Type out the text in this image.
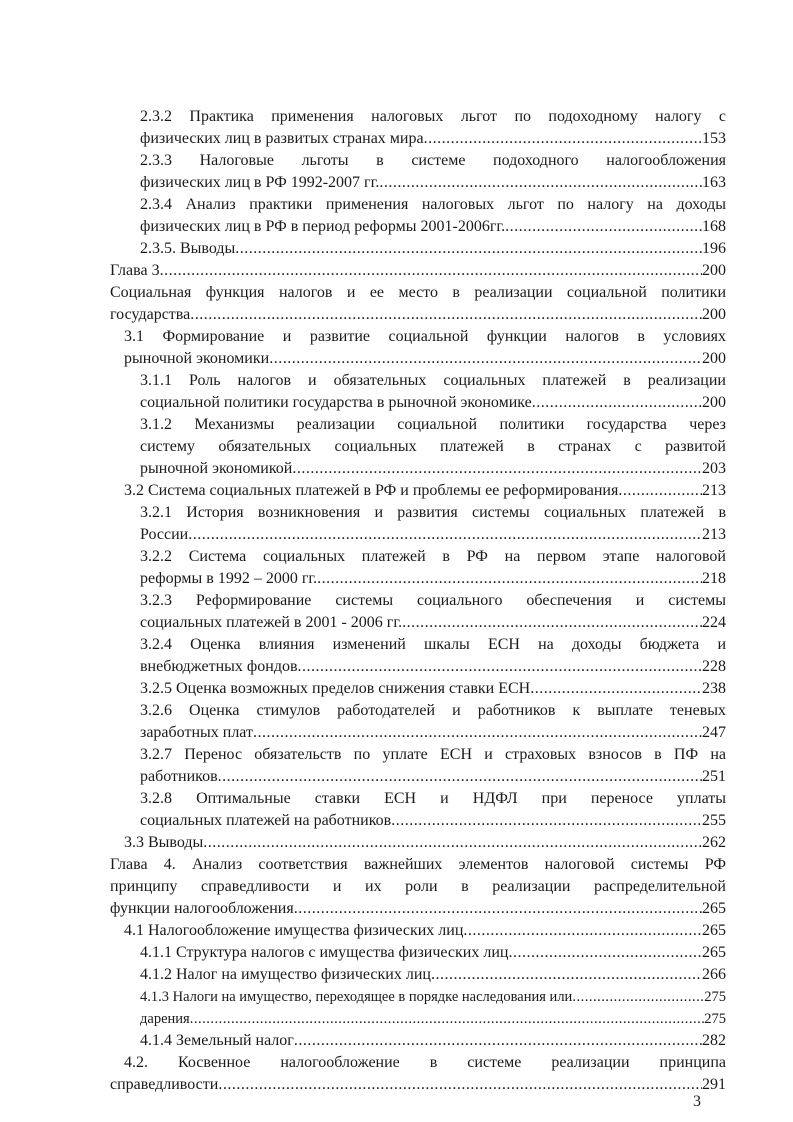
2.3.2 Практика применения налоговых льгот по подоходному налогу с
физических лиц в развитых странах мира .....	153
2.3.3 Налоговые льготы в системе подоходного налогообложения
физических лиц в РФ 1992-2007 гг. .....	163
2.3.4 Анализ практики применения налоговых льгот по налогу на доходы
физических лиц в РФ в период реформы 2001-2006гг. .....	168
2.3.5. Выводы .....	196
Глава 3 .....	200
Социальная функция налогов и ее место в реализации социальной политики
государства .....	200
3.1 Формирование и развитие социальной функции налогов в условиях
рыночной экономики .....	200
3.1.1 Роль налогов и обязательных социальных платежей в реализации
социальной политики государства в рыночной экономике .....	200
3.1.2 Механизмы реализации социальной политики государства через
систему обязательных социальных платежей в странах с развитой
рыночной экономикой .....	203
3.2 Система социальных платежей в РФ и проблемы ее реформирования .....	213
3.2.1 История возникновения и развития системы социальных платежей в
России .....	213
3.2.2 Система социальных платежей в РФ на первом этапе налоговой
реформы в 1992 – 2000 гг. .....	218
3.2.3 Реформирование системы социального обеспечения и системы
социальных платежей в 2001 - 2006 гг. .....	224
3.2.4 Оценка влияния изменений шкалы ЕСН на доходы бюджета и
внебюджетных фондов .....	228
3.2.5 Оценка возможных пределов снижения ставки ЕСН .....	238
3.2.6 Оценка стимулов работодателей и работников к выплате теневых
заработных плат .....	247
3.2.7 Перенос обязательств по уплате ЕСН и страховых взносов в ПФ на
работников .....	251
3.2.8 Оптимальные ставки ЕСН и НДФЛ при переносе уплаты
социальных платежей на работников .....	255
3.3 Выводы .....	262
Глава 4. Анализ соответствия важнейших элементов налоговой системы РФ
принципу справедливости и их роли в реализации распределительной
функции налогообложения .....	265
4.1 Налогообложение имущества физических лиц .....	265
4.1.1 Структура налогов с имущества физических лиц .....	265
4.1.2 Налог на имущество физических лиц .....	266
4.1.3 Налоги на имущество, переходящее в порядке наследования или .....	275
дарения .....	275
4.1.4 Земельный налог .....	282
4.2. Косвенное налогообложение в системе реализации принципа
справедливости .....	291
3
